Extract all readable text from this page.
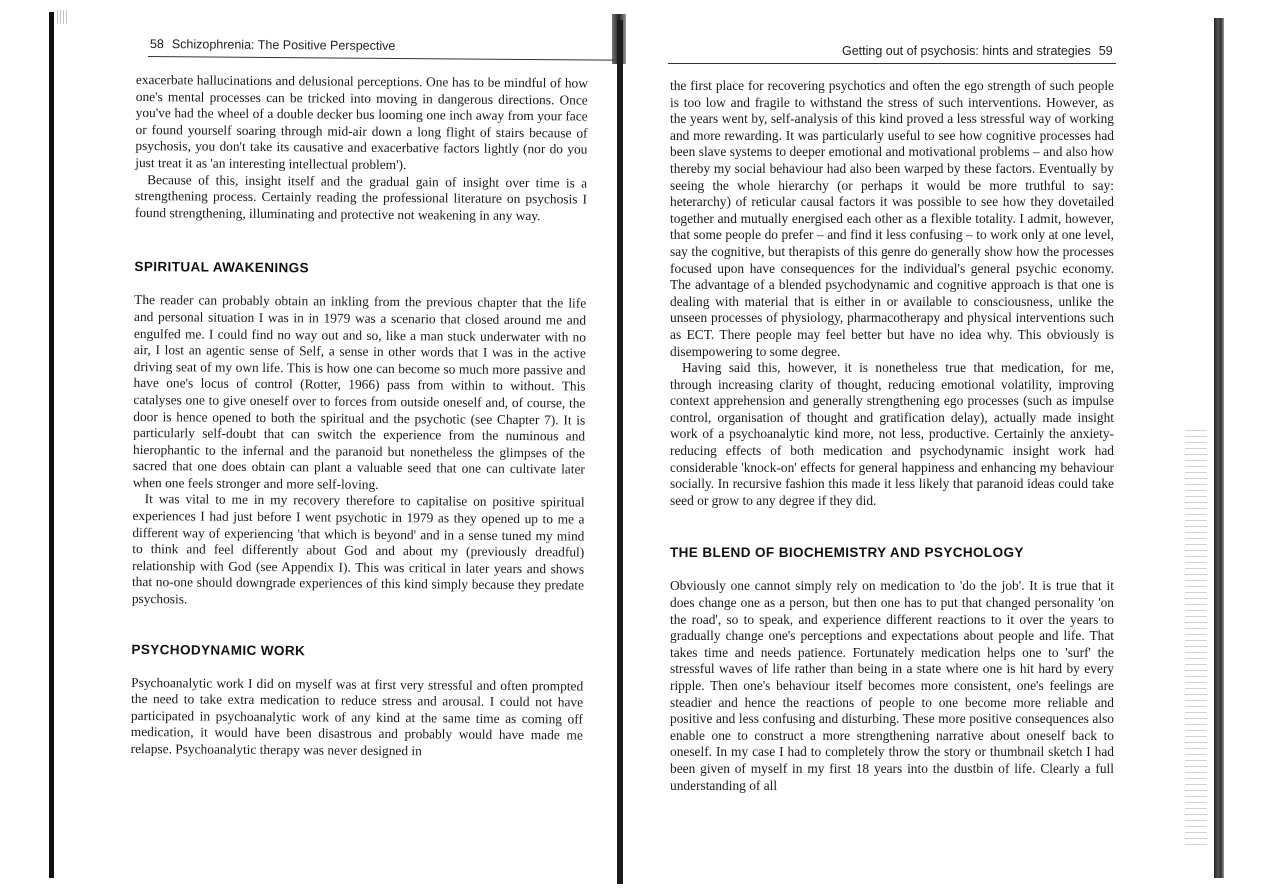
58 Schizophrenia: The Positive Perspective	Getting out of psychosis: hints and strategies 59

exacerbate hallucinations and delusional perceptions. One has to be mindful of how one's mental processes can be tricked into moving in dangerous directions. Once you've had the wheel of a double decker bus looming one inch away from your face or found yourself soaring through mid-air down a long flight of stairs because of psychosis, you don't take its causative and exacerbative factors lightly (nor do you just treat it as 'an interesting intellectual problem').

Because of this, insight itself and the gradual gain of insight over time is a strengthening process. Certainly reading the professional literature on psychosis I found strengthening, illuminating and protective not weakening in any way.

SPIRITUAL AWAKENINGS

The reader can probably obtain an inkling from the previous chapter that the life and personal situation I was in in 1979 was a scenario that closed around me and engulfed me. I could find no way out and so, like a man stuck underwater with no air, I lost an agentic sense of Self, a sense in other words that I was in the active driving seat of my own life. This is how one can become so much more passive and have one's locus of control (Rotter, 1966) pass from within to without. This catalyses one to give oneself over to forces from outside oneself and, of course, the door is hence opened to both the spiritual and the psychotic (see Chapter 7). It is particularly self-doubt that can switch the experience from the numinous and hierophantic to the infernal and the paranoid but nonetheless the glimpses of the sacred that one does obtain can plant a valuable seed that one can cultivate later when one feels stronger and more self-loving.

It was vital to me in my recovery therefore to capitalise on positive spiritual experiences I had just before I went psychotic in 1979 as they opened up to me a different way of experiencing 'that which is beyond' and in a sense tuned my mind to think and feel differently about God and about my (previously dreadful) relationship with God (see Appendix I). This was critical in later years and shows that no-one should downgrade experiences of this kind simply because they predate psychosis.

PSYCHODYNAMIC WORK

Psychoanalytic work I did on myself was at first very stressful and often prompted the need to take extra medication to reduce stress and arousal. I could not have participated in psychoanalytic work of any kind at the same time as coming off medication, it would have been disastrous and probably would have made me relapse. Psychoanalytic therapy was never designed in

the first place for recovering psychotics and often the ego strength of such people is too low and fragile to withstand the stress of such interventions. However, as the years went by, self-analysis of this kind proved a less stressful way of working and more rewarding. It was particularly useful to see how cognitive processes had been slave systems to deeper emotional and motivational problems – and also how thereby my social behaviour had also been warped by these factors. Eventually by seeing the whole hierarchy (or perhaps it would be more truthful to say: heterarchy) of reticular causal factors it was possible to see how they dovetailed together and mutually energised each other as a flexible totality. I admit, however, that some people do prefer – and find it less confusing – to work only at one level, say the cognitive, but therapists of this genre do generally show how the processes focused upon have consequences for the individual's general psychic economy. The advantage of a blended psychodynamic and cognitive approach is that one is dealing with material that is either in or available to consciousness, unlike the unseen processes of physiology, pharmacotherapy and physical interventions such as ECT. There people may feel better but have no idea why. This obviously is disempowering to some degree.

Having said this, however, it is nonetheless true that medication, for me, through increasing clarity of thought, reducing emotional volatility, improving context apprehension and generally strengthening ego processes (such as impulse control, organisation of thought and gratification delay), actually made insight work of a psychoanalytic kind more, not less, productive. Certainly the anxiety-reducing effects of both medication and psychodynamic insight work had considerable 'knock-on' effects for general happiness and enhancing my behaviour socially. In recursive fashion this made it less likely that paranoid ideas could take seed or grow to any degree if they did.

THE BLEND OF BIOCHEMISTRY AND PSYCHOLOGY

Obviously one cannot simply rely on medication to 'do the job'. It is true that it does change one as a person, but then one has to put that changed personality 'on the road', so to speak, and experience different reactions to it over the years to gradually change one's perceptions and expectations about people and life. That takes time and needs patience. Fortunately medication helps one to 'surf' the stressful waves of life rather than being in a state where one is hit hard by every ripple. Then one's behaviour itself becomes more consistent, one's feelings are steadier and hence the reactions of people to one become more reliable and positive and less confusing and disturbing. These more positive consequences also enable one to construct a more strengthening narrative about oneself back to oneself. In my case I had to completely throw the story or thumbnail sketch I had been given of myself in my first 18 years into the dustbin of life. Clearly a full understanding of all
